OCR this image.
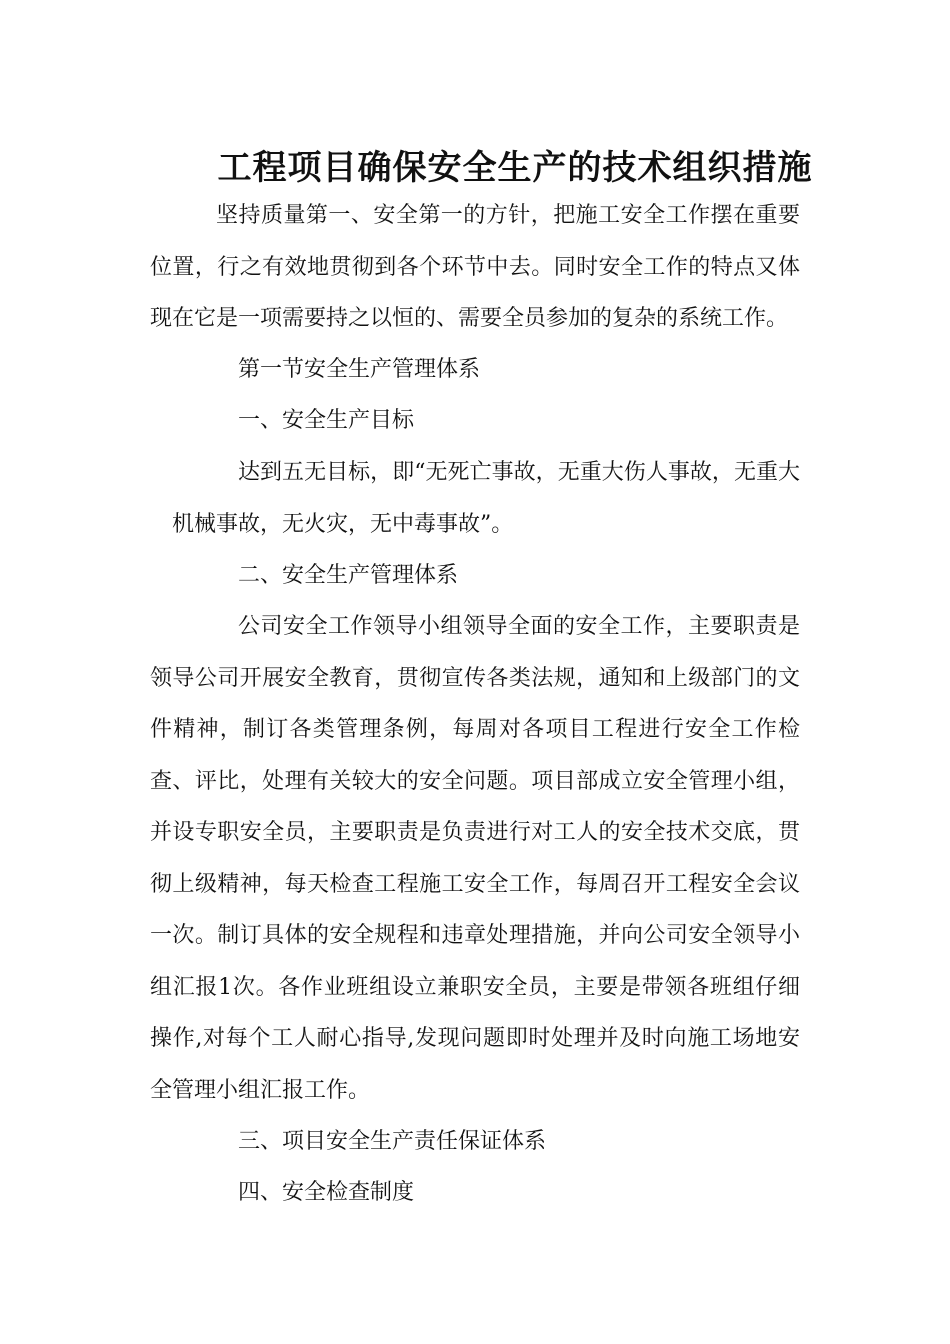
工程项目确保安全生产的技术组织措施

坚持质量第一、安全第一的方针，把施工安全工作摆在重要位置，行之有效地贯彻到各个环节中去。同时安全工作的特点又体现在它是一项需要持之以恒的、需要全员参加的复杂的系统工作。

第一节安全生产管理体系

一、安全生产目标

达到五无目标，即“无死亡事故，无重大伤人事故，无重大机械事故，无火灾，无中毒事故”。

二、安全生产管理体系

公司安全工作领导小组领导全面的安全工作，主要职责是领导公司开展安全教育，贯彻宣传各类法规，通知和上级部门的文件精神，制订各类管理条例，每周对各项目工程进行安全工作检查、评比，处理有关较大的安全问题。项目部成立安全管理小组，并设专职安全员，主要职责是负责进行对工人的安全技术交底，贯彻上级精神，每天检查工程施工安全工作，每周召开工程安全会议一次。制订具体的安全规程和违章处理措施，并向公司安全领导小组汇报1次。各作业班组设立兼职安全员，主要是带领各班组仔细操作,对每个工人耐心指导,发现问题即时处理并及时向施工场地安全管理小组汇报工作。

三、项目安全生产责任保证体系

四、安全检查制度
